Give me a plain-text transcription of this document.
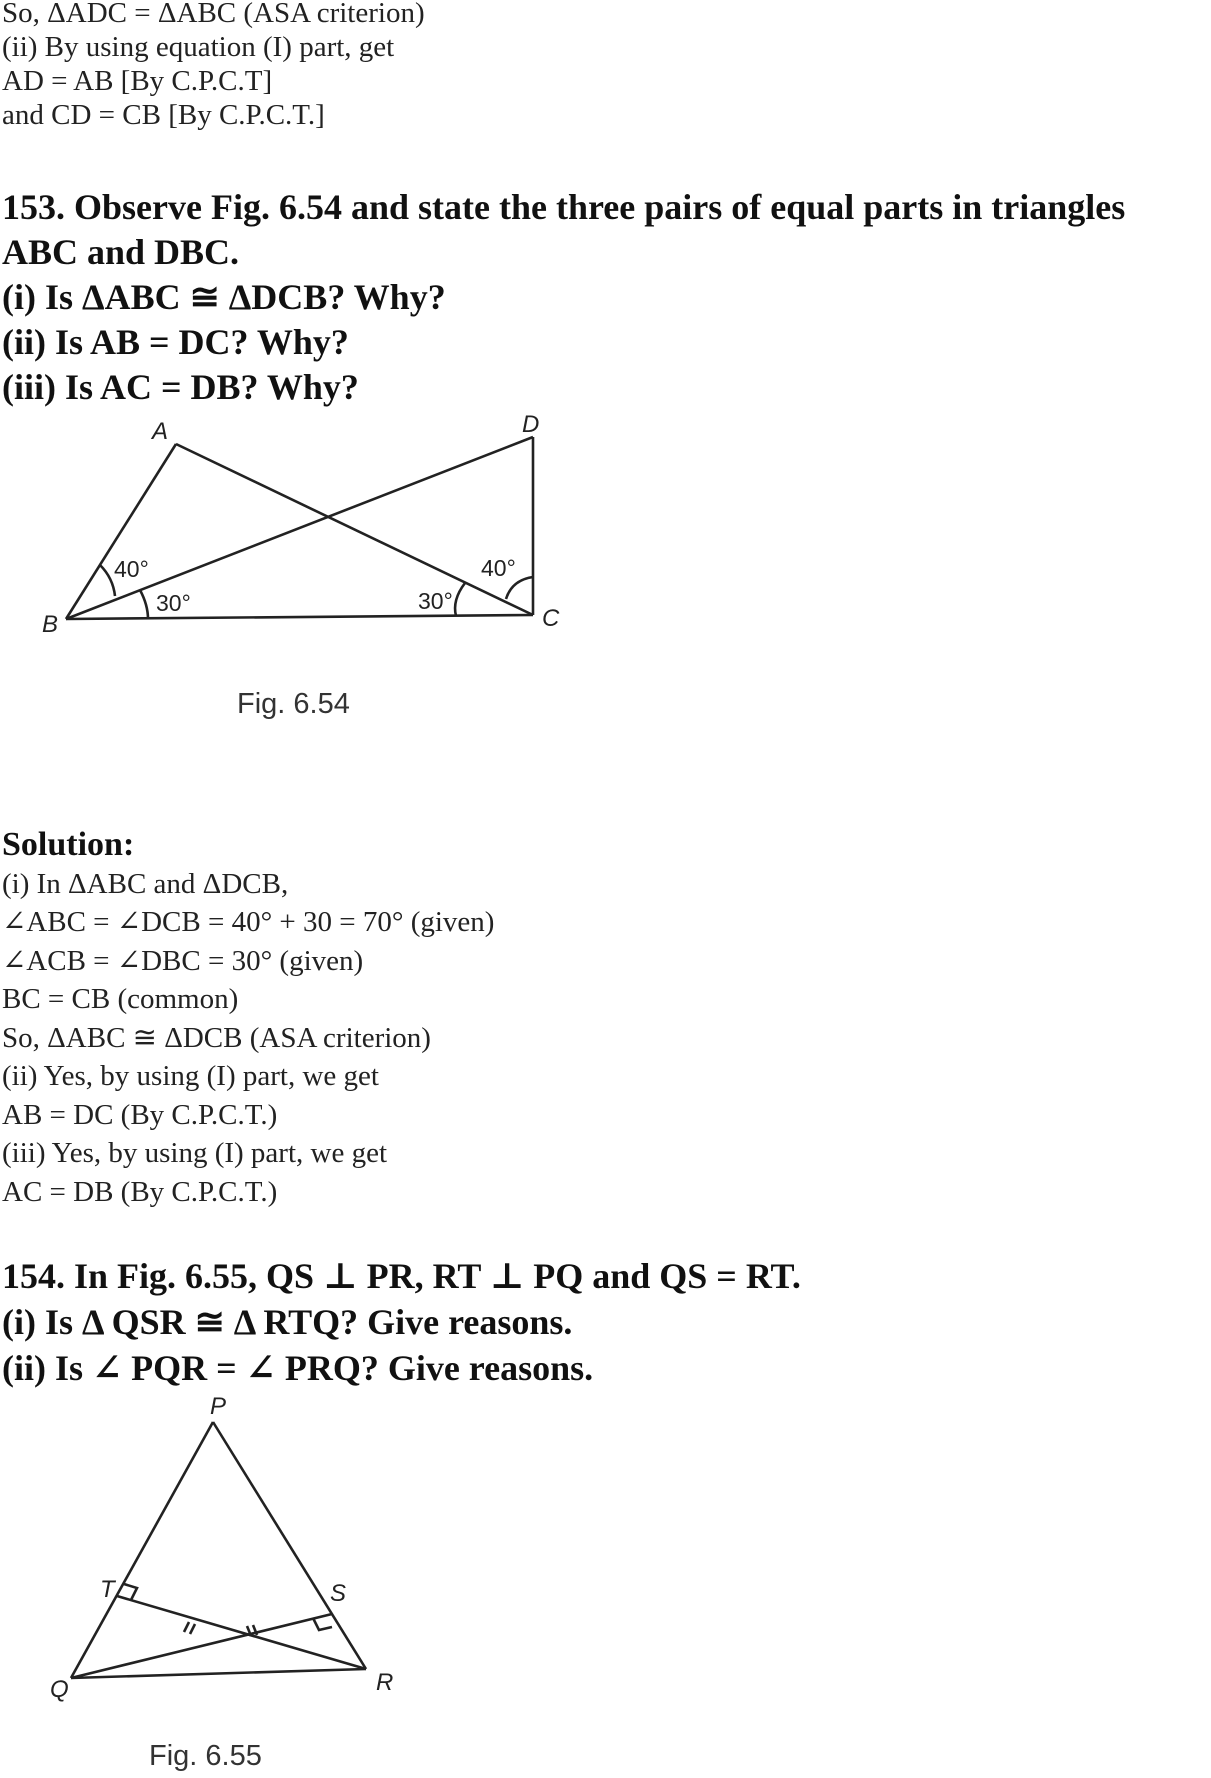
So, ΔADC = ΔABC (ASA criterion)
(ii) By using equation (I) part, get
AD = AB [By C.P.C.T]
and CD = CB [By C.P.C.T.]
153. Observe Fig. 6.54 and state the three pairs of equal parts in triangles
ABC and DBC.
(i) Is ΔABC ≅ ΔDCB? Why?
(ii) Is AB = DC? Why?
(iii) Is AC = DB? Why?
A	D
B	C
40°
30°	30°
40°
Fig. 6.54
Solution:
(i) In ΔABC and ΔDCB,
∠ABC = ∠DCB = 40° + 30 = 70° (given)
∠ACB = ∠DBC = 30° (given)
BC = CB (common)
So, ΔABC ≅ ΔDCB (ASA criterion)
(ii) Yes, by using (I) part, we get
AB = DC (By C.P.C.T.)
(iii) Yes, by using (I) part, we get
AC = DB (By C.P.C.T.)
154. In Fig. 6.55, QS ⊥ PR, RT ⊥ PQ and QS = RT.
(i) Is Δ QSR ≅ Δ RTQ? Give reasons.
(ii) Is ∠ PQR = ∠ PRQ? Give reasons.
P
Q	R
S
T
Fig. 6.55
